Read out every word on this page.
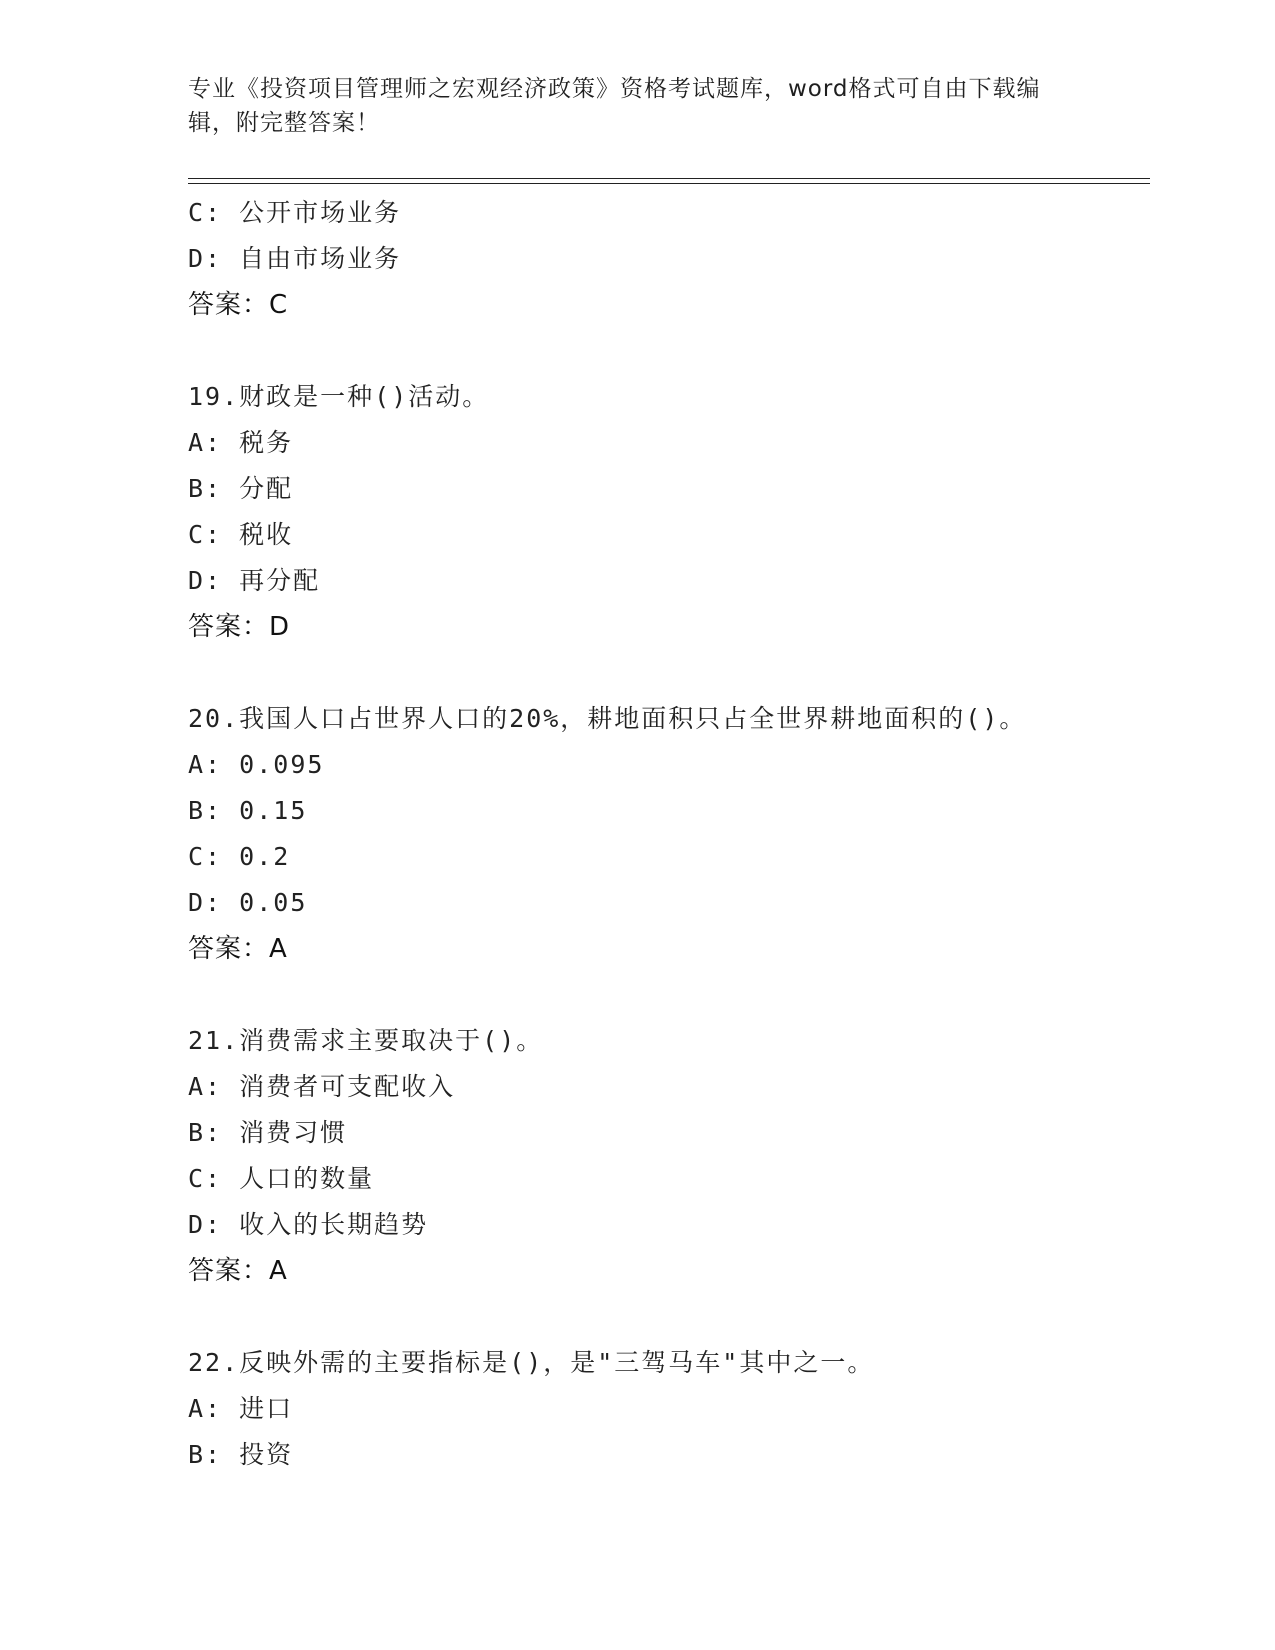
专业《投资项目管理师之宏观经济政策》资格考试题库，word格式可自由下载编
辑，附完整答案！
C: 公开市场业务
D: 自由市场业务
答案：C
19.财政是一种()活动。
A: 税务
B: 分配
C: 税收
D: 再分配
答案：D
20.我国人口占世界人口的20%，耕地面积只占全世界耕地面积的()。
A: 0.095
B: 0.15
C: 0.2
D: 0.05
答案：A
21.消费需求主要取决于()。
A: 消费者可支配收入
B: 消费习惯
C: 人口的数量
D: 收入的长期趋势
答案：A
22.反映外需的主要指标是()，是"三驾马车"其中之一。
A: 进口
B: 投资
